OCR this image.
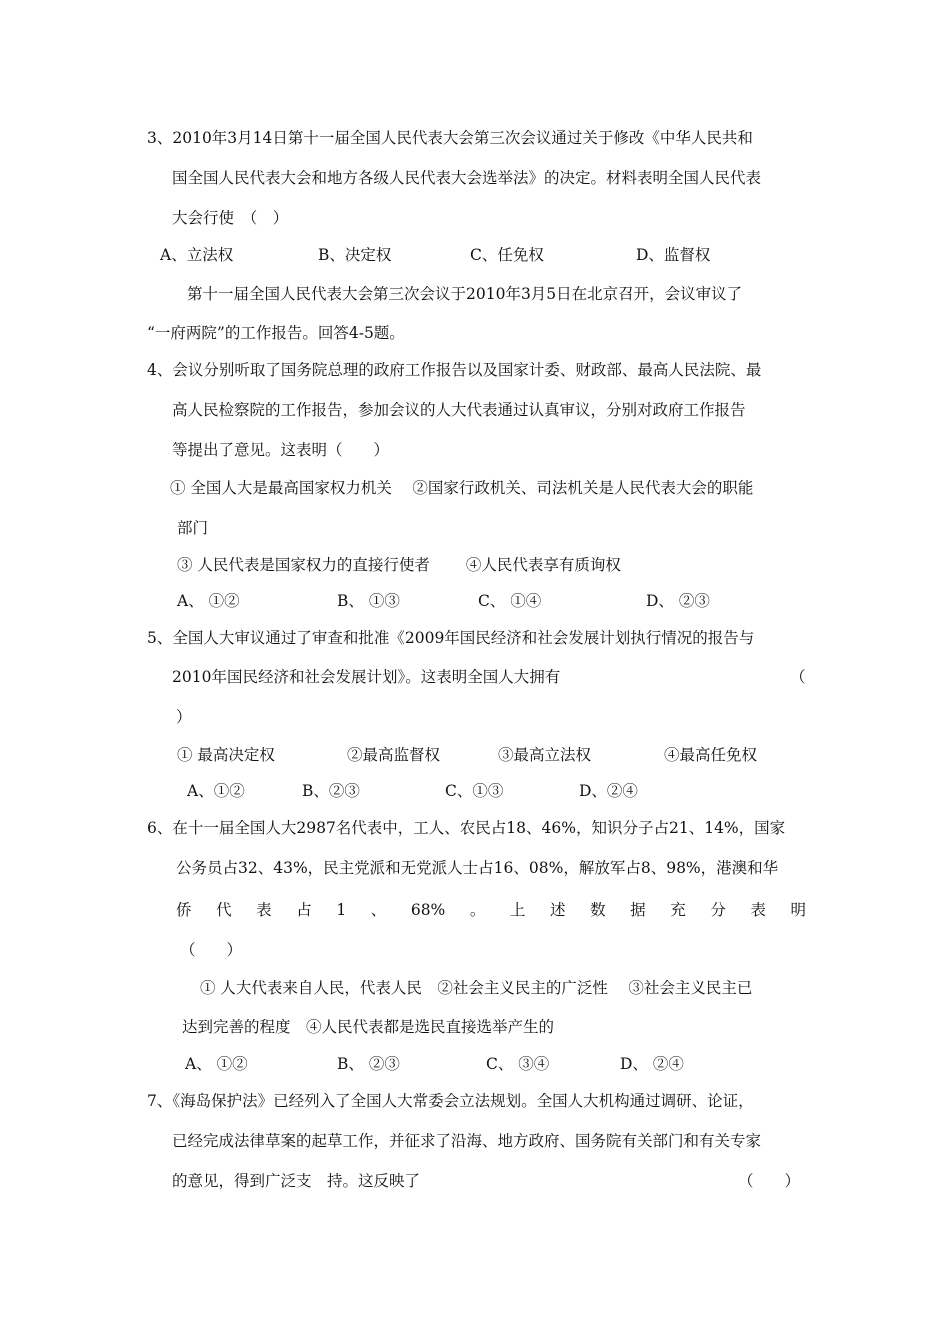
3、2010年3月14日第十一届全国人民代表大会第三次会议通过关于修改《中华人民共和
国全国人民代表大会和地方各级人民代表大会选举法》的决定。材料表明全国人民代表
大会行使　（　）
A、立法权	B、决定权	C、任免权	D、监督权
第十一届全国人民代表大会第三次会议于2010年3月5日在北京召开，会议审议了
“一府两院”的工作报告。回答4-5题。
4、会议分别听取了国务院总理的政府工作报告以及国家计委、财政部、最高人民法院、最
高人民检察院的工作报告，参加会议的人大代表通过认真审议，分别对政府工作报告
等提出了意见。这表明（　　）
① 全国人大是最高国家权力机关　 ②国家行政机关、司法机关是人民代表大会的职能
部门
③ 人民代表是国家权力的直接行使者　　 ④人民代表享有质询权
A、 ①②	B、 ①③	C、 ①④	D、 ②③
5、全国人大审议通过了审查和批准《2009年国民经济和社会发展计划执行情况的报告与
2010年国民经济和社会发展计划》。这表明全国人大拥有	（
）
① 最高决定权	②最高监督权	③最高立法权	④最高任免权
A、①②	B、②③	C、①③	D、②④
6、在十一届全国人大2987名代表中，工人、农民占18、46%，知识分子占21、14%，国家
公务员占32、43%，民主党派和无党派人士占16、08%，解放军占8、98%，港澳和华
侨 代 表 占 1 、 68% 。 上 述 数 据 充 分 表 明
（　　）
① 人大代表来自人民，代表人民　②社会主义民主的广泛性　 ③社会主义民主已
达到完善的程度　④人民代表都是选民直接选举产生的
A、 ①②	B、 ②③	C、 ③④	D、 ②④
7、《海岛保护法》已经列入了全国人大常委会立法规划。全国人大机构通过调研、论证，
已经完成法律草案的起草工作，并征求了沿海、地方政府、国务院有关部门和有关专家
的意见，得到广泛支　持。这反映了	（　　）
